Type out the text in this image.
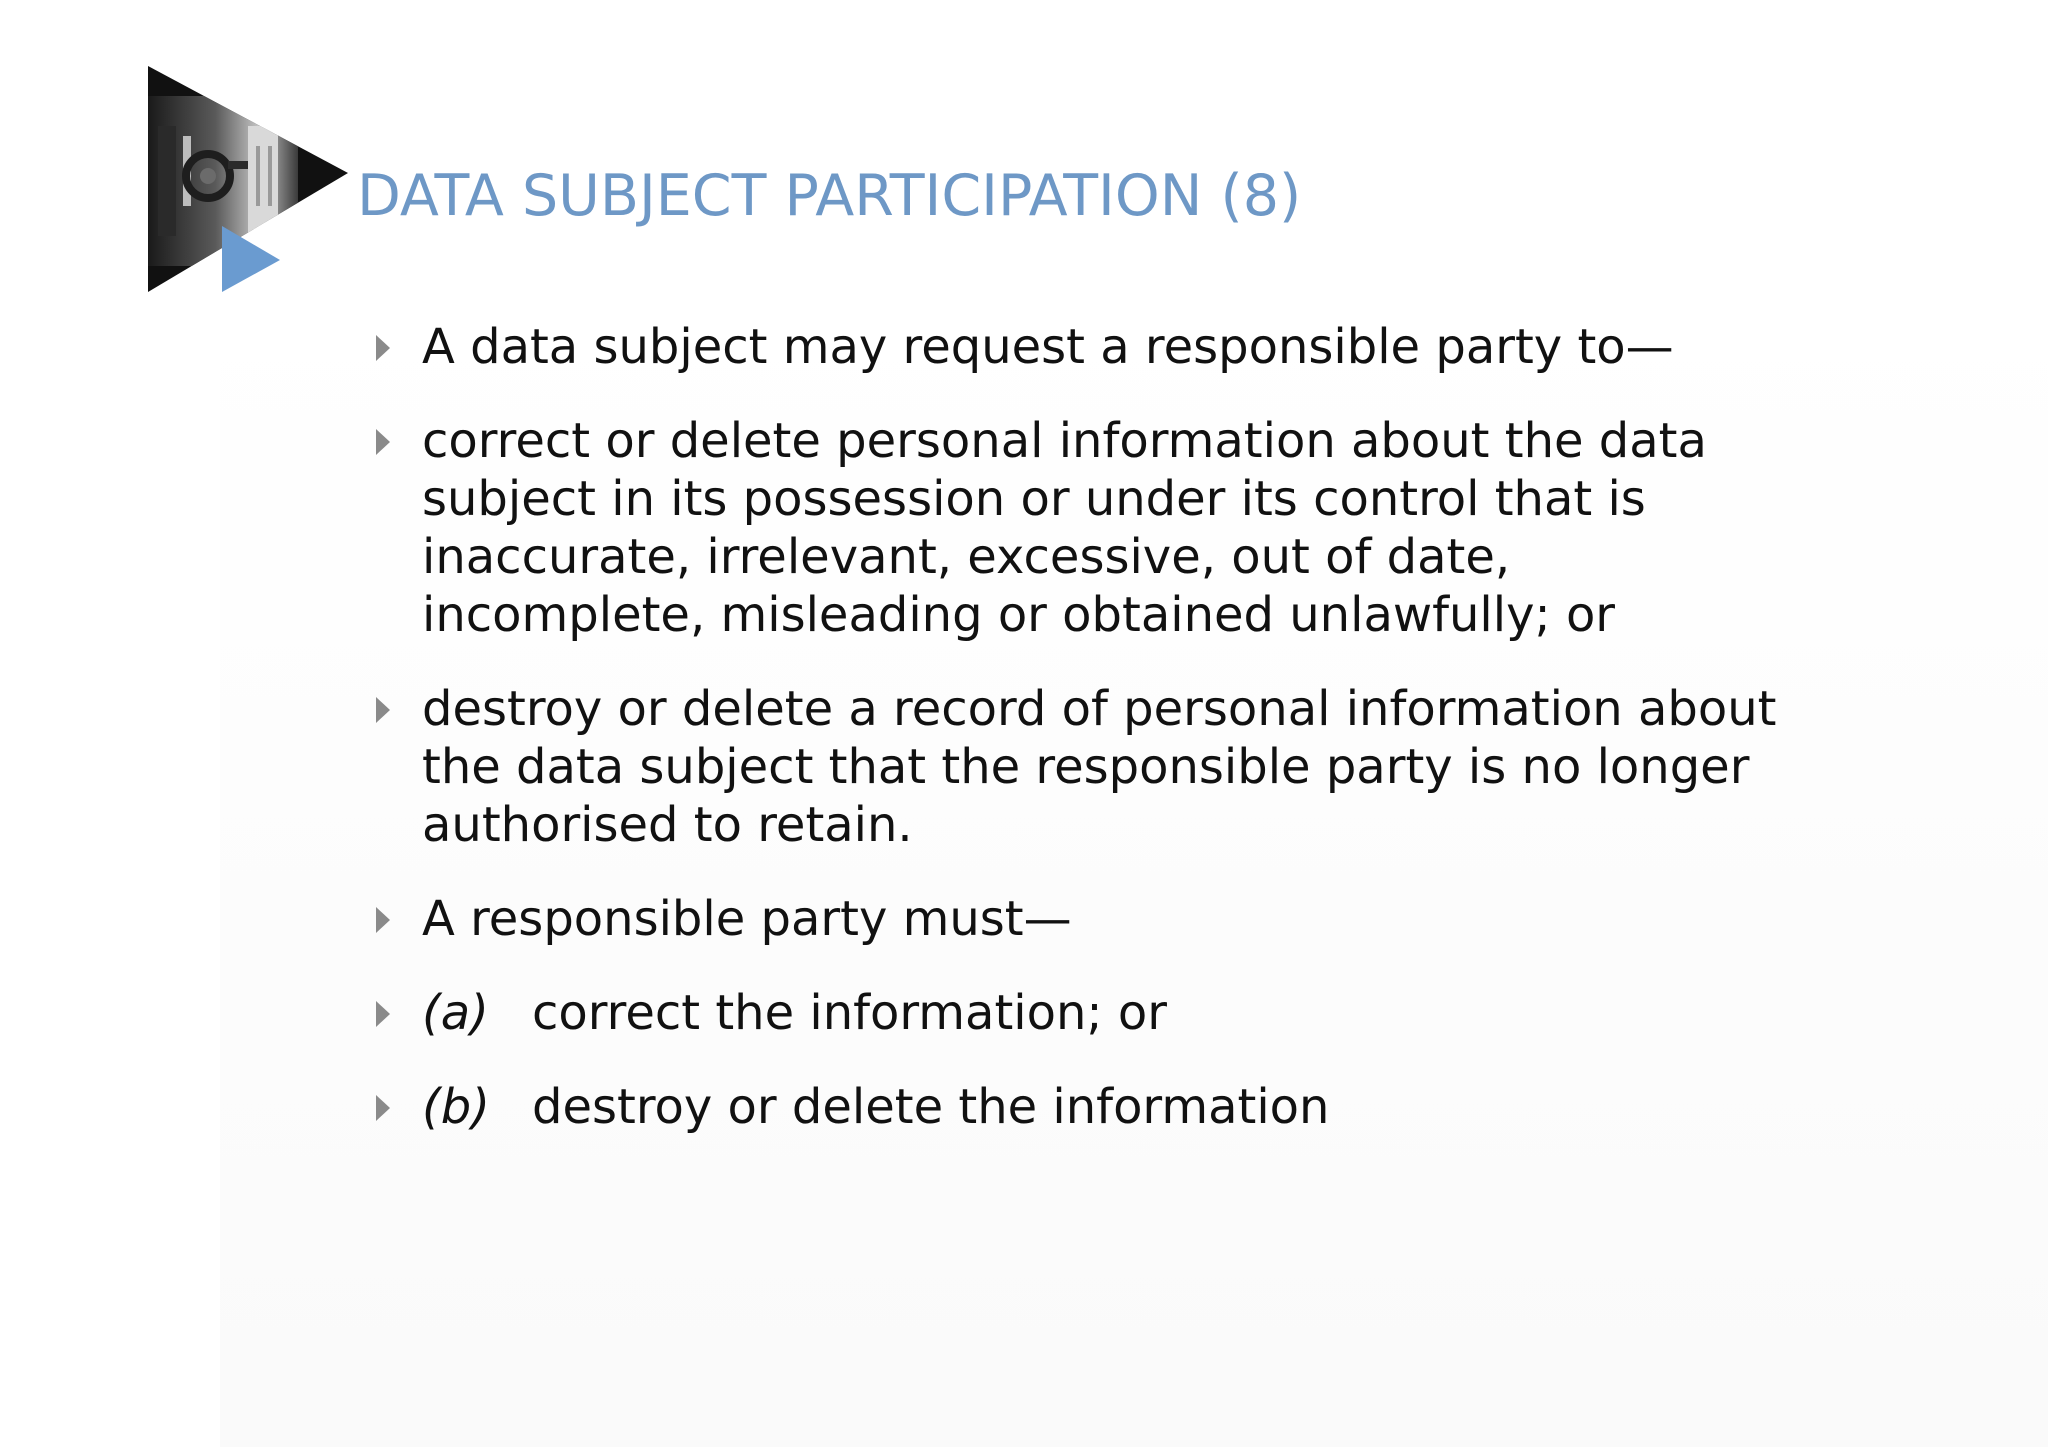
DATA SUBJECT PARTICIPATION (8)
A data subject may request a responsible party to—
correct or delete personal information about the data
subject in its possession or under its control that is
inaccurate, irrelevant, excessive, out of date,
incomplete, misleading or obtained unlawfully; or
destroy or delete a record of personal information about
the data subject that the responsible party is no longer
authorised to retain.
A responsible party must—
(a) correct the information; or
(b) destroy or delete the information
